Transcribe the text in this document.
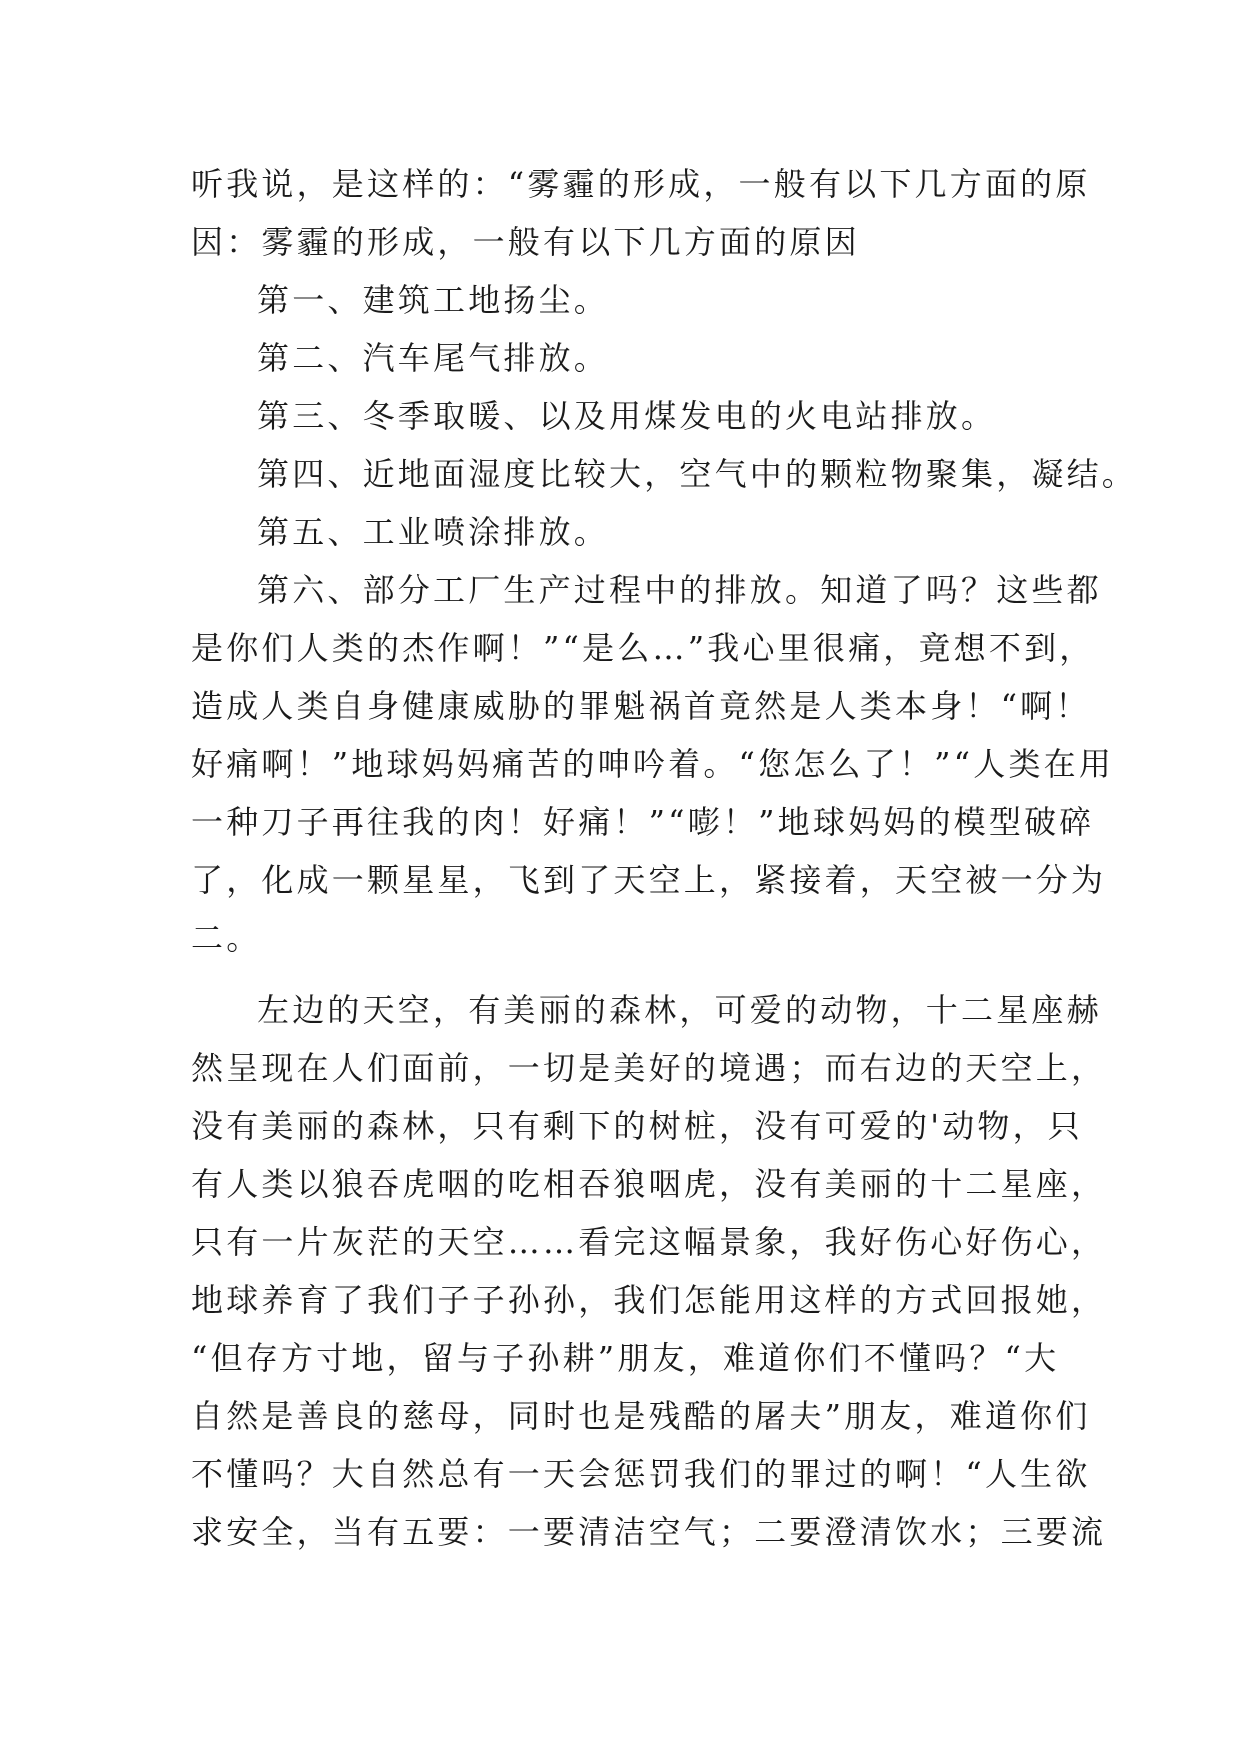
听我说，是这样的：“雾霾的形成，一般有以下几方面的原
因：雾霾的形成，一般有以下几方面的原因
第一、建筑工地扬尘。
第二、汽车尾气排放。
第三、冬季取暖、以及用煤发电的火电站排放。
第四、近地面湿度比较大，空气中的颗粒物聚集，凝结。
第五、工业喷涂排放。
第六、部分工厂生产过程中的排放。知道了吗？这些都
是你们人类的杰作啊！”“是么…”我心里很痛，竟想不到，
造成人类自身健康威胁的罪魁祸首竟然是人类本身！“啊！
好痛啊！”地球妈妈痛苦的呻吟着。“您怎么了！”“人类在用
一种刀子再往我的肉！好痛！”“嘭！”地球妈妈的模型破碎
了，化成一颗星星，飞到了天空上，紧接着，天空被一分为
二。
左边的天空，有美丽的森林，可爱的动物，十二星座赫
然呈现在人们面前，一切是美好的境遇；而右边的天空上，
没有美丽的森林，只有剩下的树桩，没有可爱的'动物，只
有人类以狼吞虎咽的吃相吞狼咽虎，没有美丽的十二星座，
只有一片灰茫的天空……看完这幅景象，我好伤心好伤心，
地球养育了我们子子孙孙，我们怎能用这样的方式回报她，
“但存方寸地，留与子孙耕”朋友，难道你们不懂吗？“大
自然是善良的慈母，同时也是残酷的屠夫”朋友，难道你们
不懂吗？大自然总有一天会惩罚我们的罪过的啊！“人生欲
求安全，当有五要：一要清洁空气；二要澄清饮水；三要流
